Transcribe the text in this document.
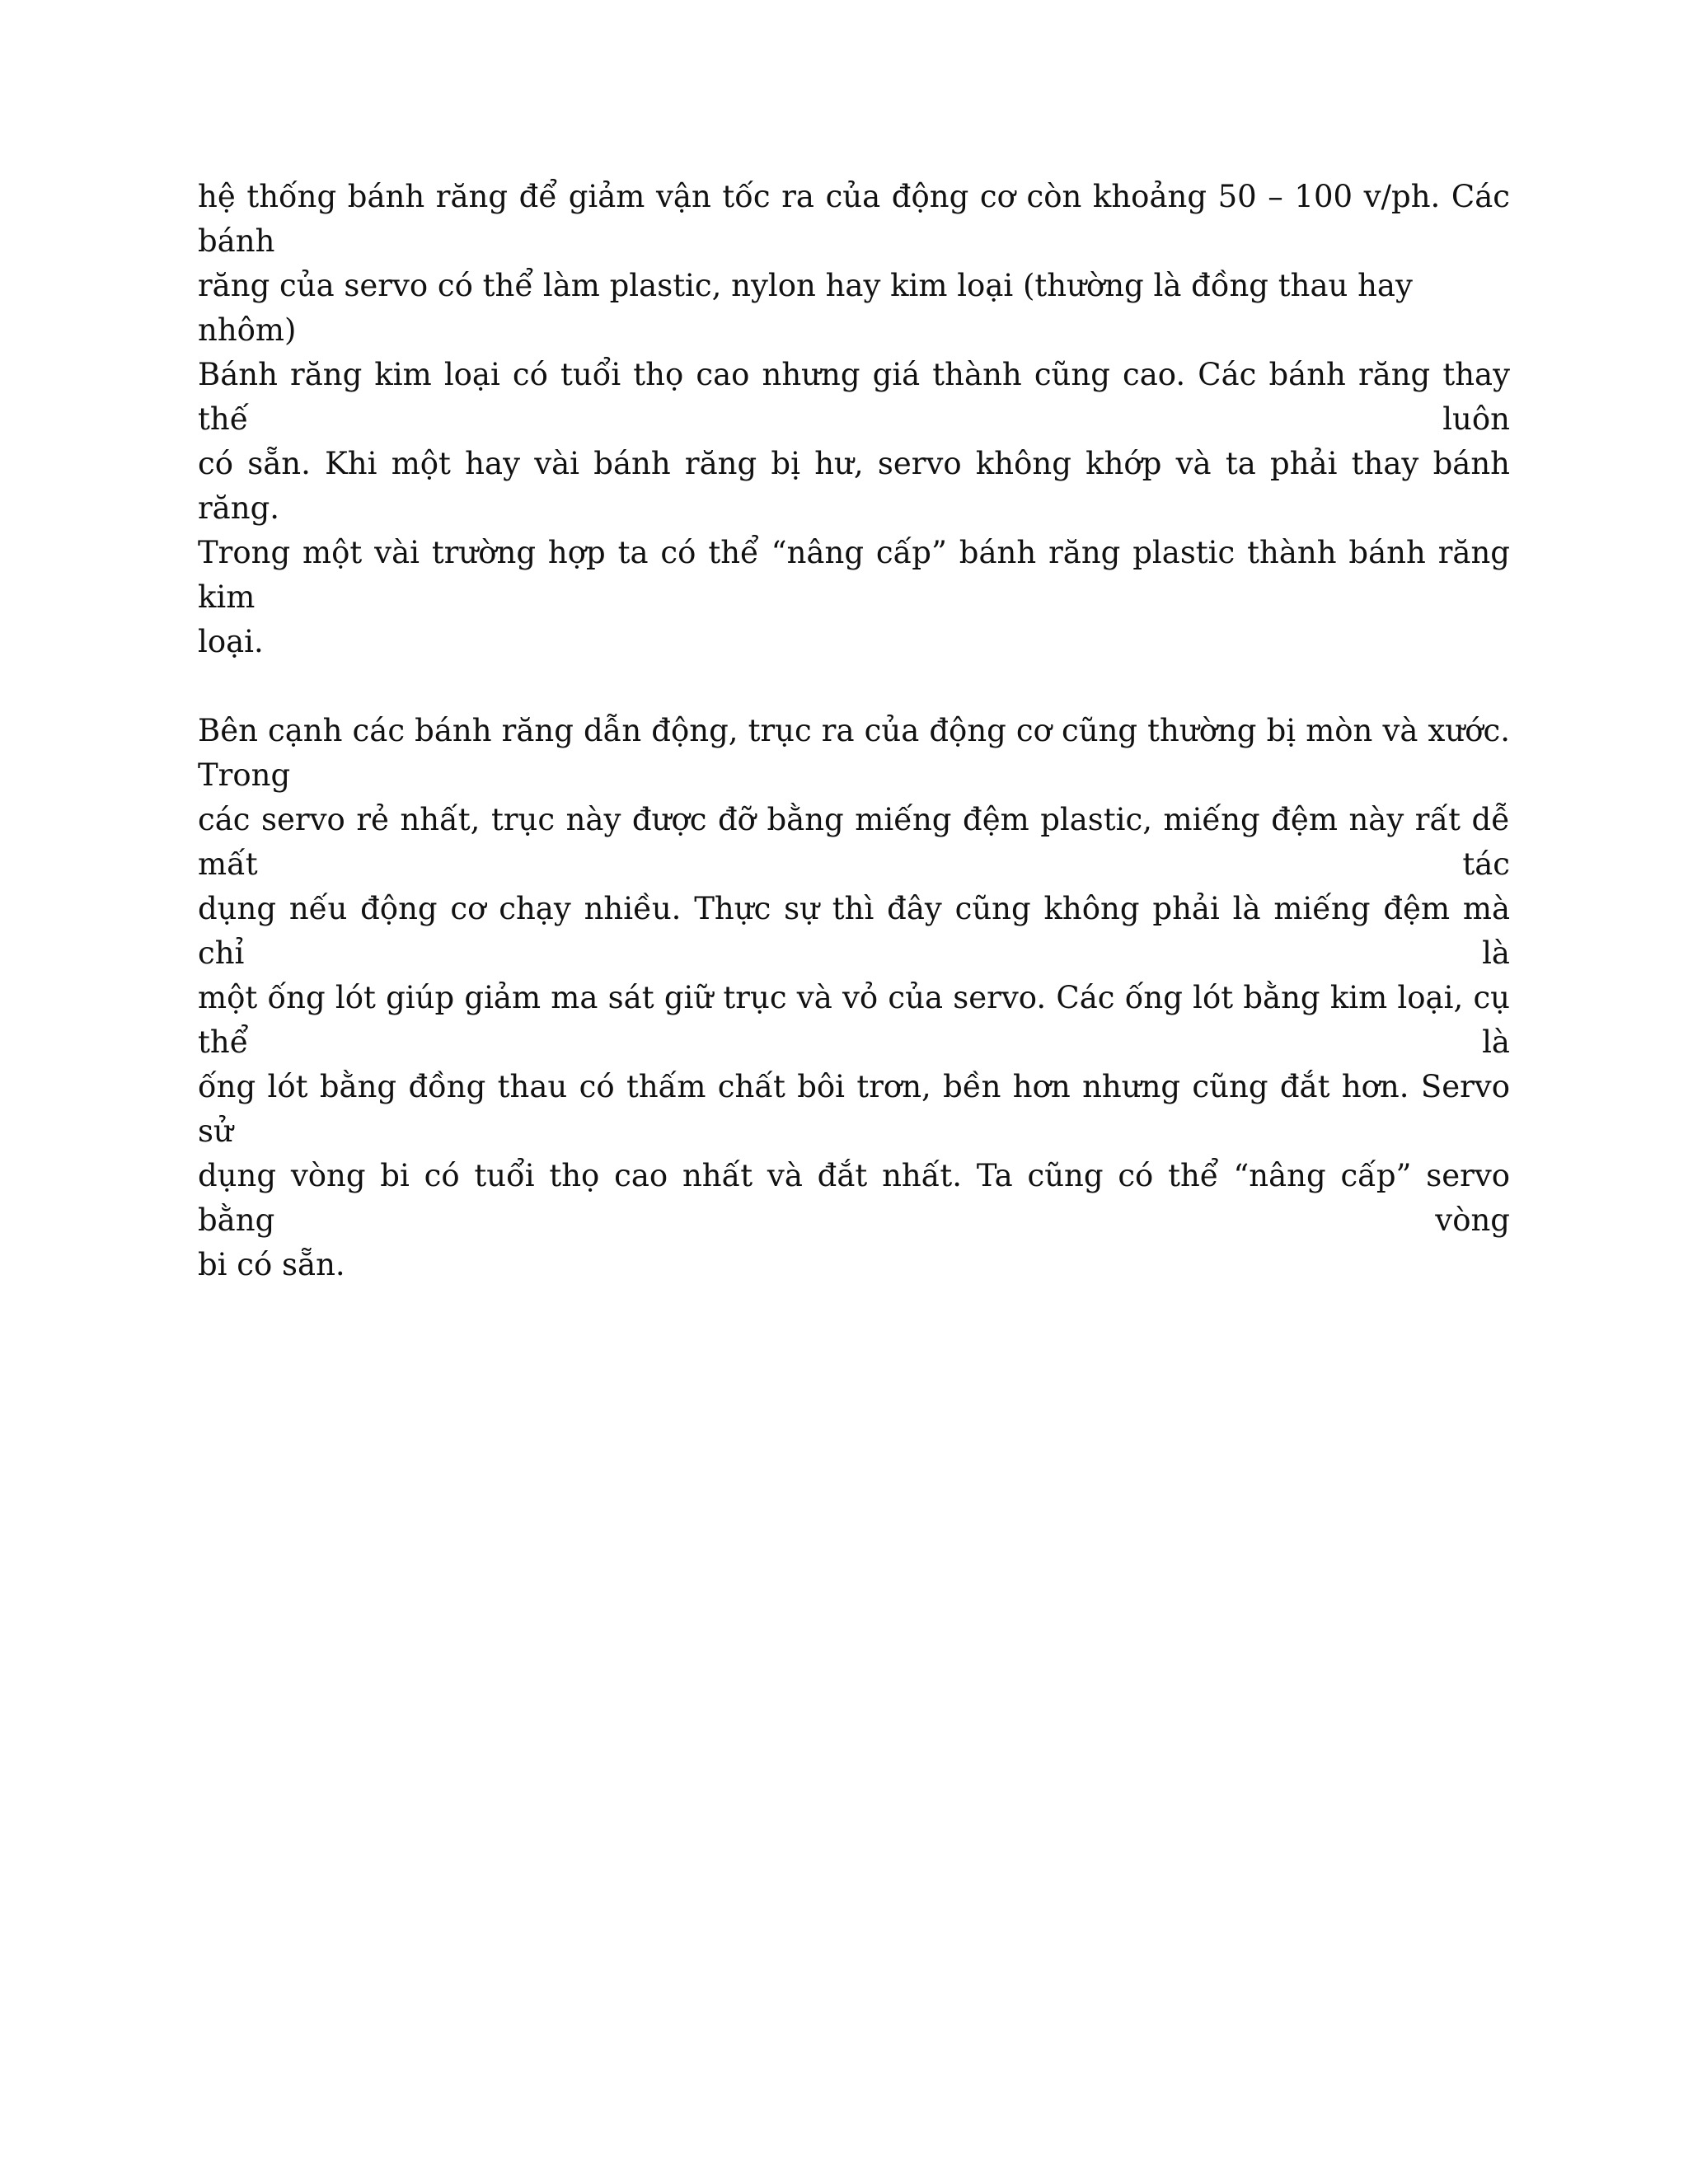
hệ thống bánh răng để giảm vận tốc ra của động cơ còn khoảng 50 – 100 v/ph. Các bánh
răng của servo có thể làm plastic, nylon hay kim loại (thường là đồng thau hay nhôm)
Bánh răng kim loại có tuổi thọ cao nhưng giá thành cũng cao. Các bánh răng thay thế luôn
có sẵn. Khi một hay vài bánh răng bị hư, servo không khớp và ta phải thay bánh răng.
Trong một vài trường hợp ta có thể “nâng cấp” bánh răng plastic thành bánh răng kim
loại.

Bên cạnh các bánh răng dẫn động, trục ra của động cơ cũng thường bị mòn và xước. Trong
các servo rẻ nhất, trục này được đỡ bằng miếng đệm plastic, miếng đệm này rất dễ mất tác
dụng nếu động cơ chạy nhiều. Thực sự thì đây cũng không phải là miếng đệm mà chỉ là
một ống lót giúp giảm ma sát giữ trục và vỏ của servo. Các ống lót bằng kim loại, cụ thể là
ống lót bằng đồng thau có thấm chất bôi trơn, bền hơn nhưng cũng đắt hơn. Servo sử
dụng vòng bi có tuổi thọ cao nhất và đắt nhất. Ta cũng có thể “nâng cấp” servo bằng vòng
bi có sẵn.
